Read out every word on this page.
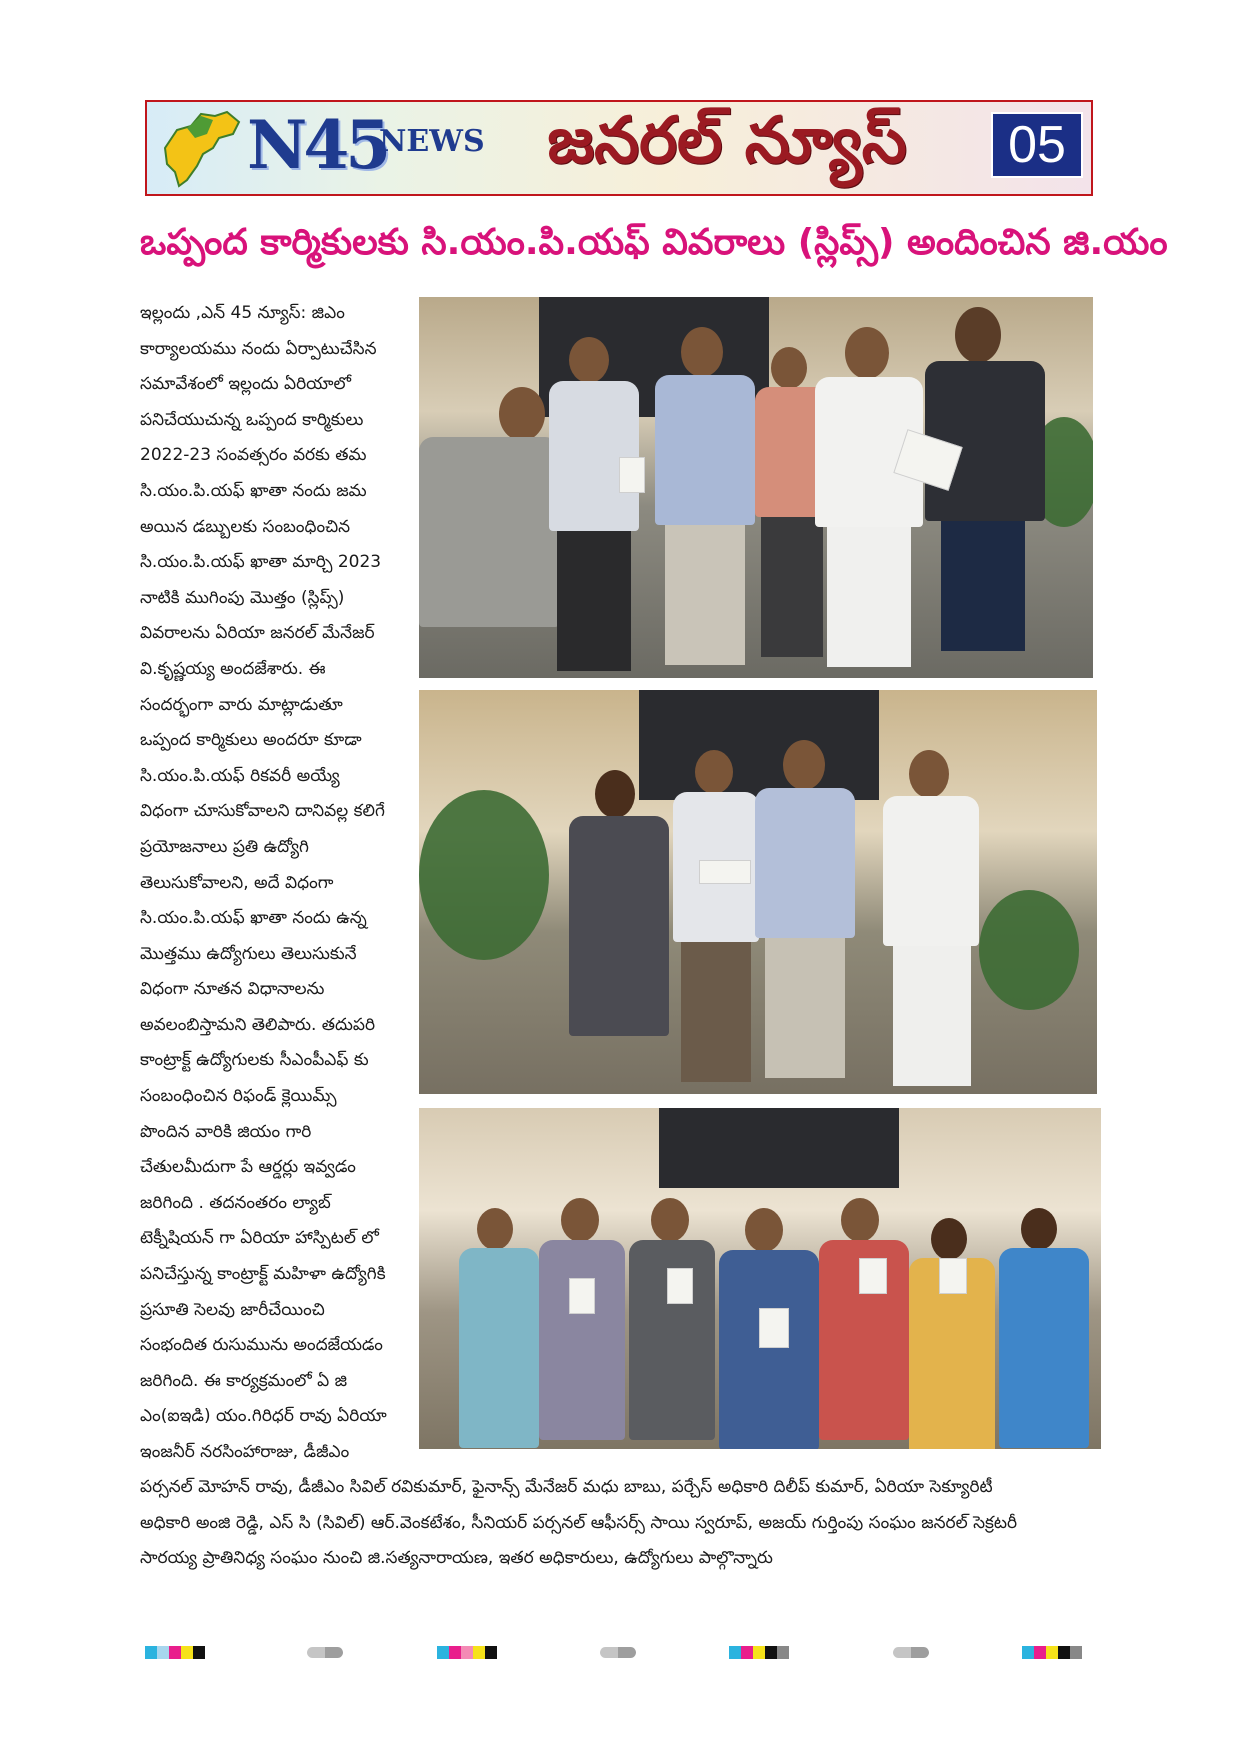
N45
NEWS జనరల్ న్యూస్	05
ఒప్పంద కార్మికులకు సి.యం.పి.యఫ్ వివరాలు (స్లిప్స్) అందించిన జి.యం

ఇల్లందు ,ఎన్ 45 న్యూస్: జిఎం

కార్యాలయము నందు ఏర్పాటుచేసిన

సమావేశంలో ఇల్లందు ఏరియాలో

పనిచేయుచున్న ఒప్పంద కార్మికులు

2022-23 సంవత్సరం వరకు తమ

సి.యం.పి.యఫ్ ఖాతా నందు జమ

అయిన డబ్బులకు సంబంధించిన

సి.యం.పి.యఫ్ ఖాతా మార్చి 2023

నాటికి ముగింపు మొత్తం (స్లిప్స్)

వివరాలను ఏరియా జనరల్ మేనేజర్

వి.కృష్ణయ్య అందజేశారు. ఈ

సందర్భంగా వారు మాట్లాడుతూ

ఒప్పంద కార్మికులు అందరూ కూడా

సి.యం.పి.యఫ్ రికవరీ అయ్యే

విధంగా చూసుకోవాలని దానివల్ల కలిగే

ప్రయోజనాలు ప్రతి ఉద్యోగి

తెలుసుకోవాలని, అదే విధంగా

సి.యం.పి.యఫ్ ఖాతా నందు ఉన్న

మొత్తము ఉద్యోగులు తెలుసుకునే

విధంగా నూతన విధానాలను

అవలంబిస్తామని తెలిపారు. తదుపరి

కాంట్రాక్ట్ ఉద్యోగులకు సీఎంపీఎఫ్ కు

సంబంధించిన రిఫండ్ క్లెయిమ్స్

పొందిన వారికి జియం గారి

చేతులమీదుగా పే ఆర్డర్లు ఇవ్వడం

జరిగింది . తదనంతరం ల్యాబ్

టెక్నీషియన్ గా ఏరియా హాస్పిటల్ లో

పనిచేస్తున్న కాంట్రాక్ట్ మహిళా ఉద్యోగికి

ప్రసూతి సెలవు జారీచేయించి

సంభందిత రుసుమును అందజేయడం

జరిగింది. ఈ కార్యక్రమంలో ఏ జి

ఎం(ఐఇడి) యం.గిరిధర్ రావు ఏరియా

ఇంజనీర్ నరసింహారాజు, డీజీఎం

పర్సనల్ మోహన్ రావు, డీజీఎం సివిల్ రవికుమార్, ఫైనాన్స్ మేనేజర్ మధు బాబు, పర్చేస్ అధికారి దిలీప్ కుమార్, ఏరియా సెక్యూరిటీ

అధికారి అంజి రెడ్డి, ఎస్ సి (సివిల్) ఆర్.వెంకటేశం, సీనియర్ పర్సనల్ ఆఫీసర్స్ సాయి స్వరూప్, అజయ్ గుర్తింపు సంఘం జనరల్ సెక్రటరీ

సారయ్య ప్రాతినిధ్య సంఘం నుంచి జి.సత్యనారాయణ, ఇతర అధికారులు, ఉద్యోగులు పాల్గొన్నారు
